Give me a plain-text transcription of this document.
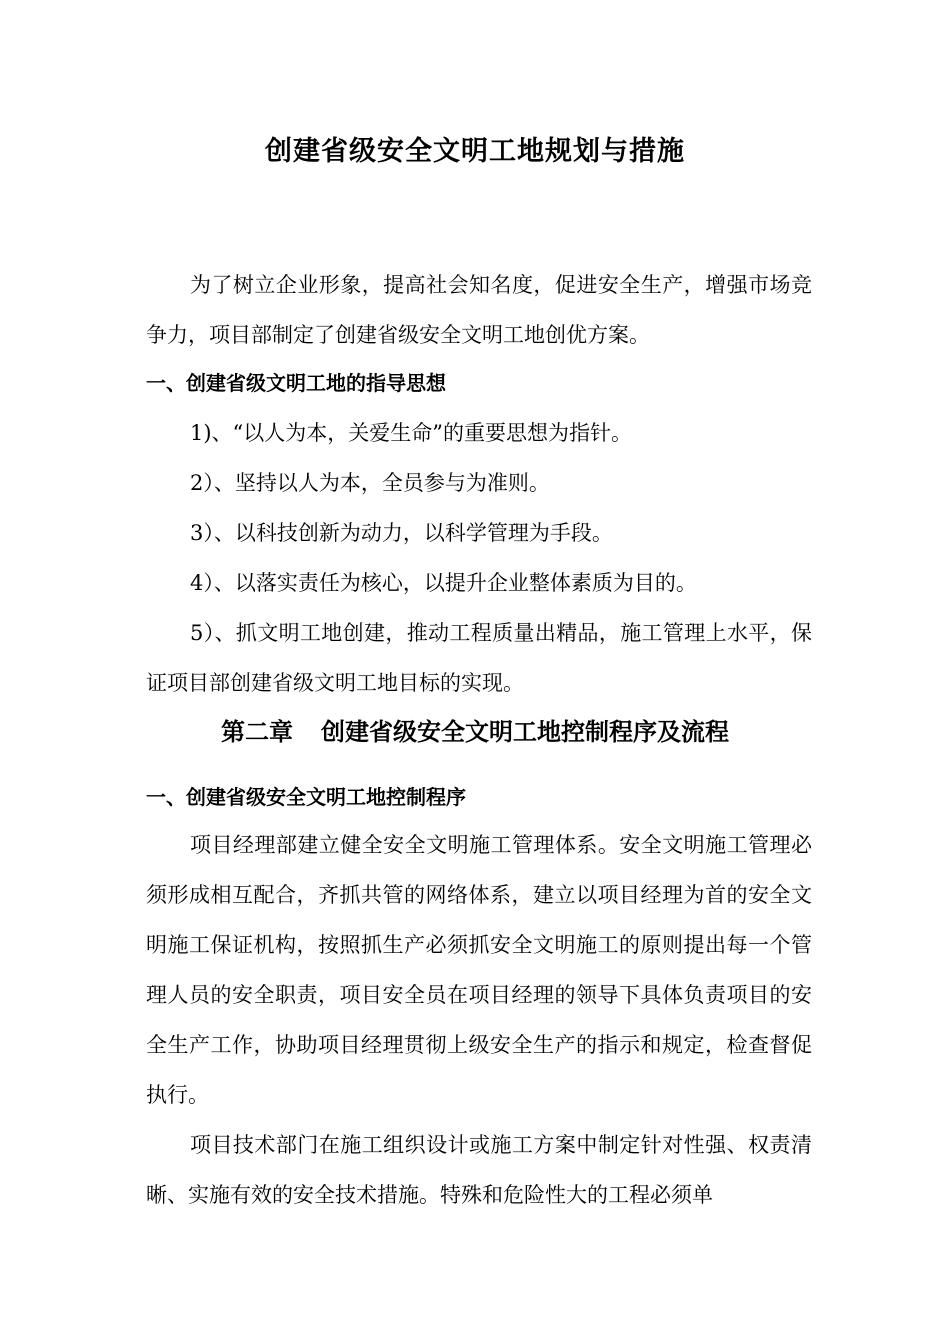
创建省级安全文明工地规划与措施
为了树立企业形象，提高社会知名度，促进安全生产，增强市场竞争力，项目部制定了创建省级安全文明工地创优方案。
一、创建省级文明工地的指导思想
1)、“以人为本，关爱生命”的重要思想为指针。
2）、坚持以人为本，全员参与为准则。
3）、以科技创新为动力，以科学管理为手段。
4）、以落实责任为核心，以提升企业整体素质为目的。
5）、抓文明工地创建，推动工程质量出精品，施工管理上水平，保证项目部创建省级文明工地目标的实现。
第二章 创建省级安全文明工地控制程序及流程
一、创建省级安全文明工地控制程序
项目经理部建立健全安全文明施工管理体系。安全文明施工管理必须形成相互配合，齐抓共管的网络体系，建立以项目经理为首的安全文明施工保证机构，按照抓生产必须抓安全文明施工的原则提出每一个管理人员的安全职责，项目安全员在项目经理的领导下具体负责项目的安全生产工作，协助项目经理贯彻上级安全生产的指示和规定，检查督促执行。
项目技术部门在施工组织设计或施工方案中制定针对性强、权责清晰、实施有效的安全技术措施。特殊和危险性大的工程必须单
